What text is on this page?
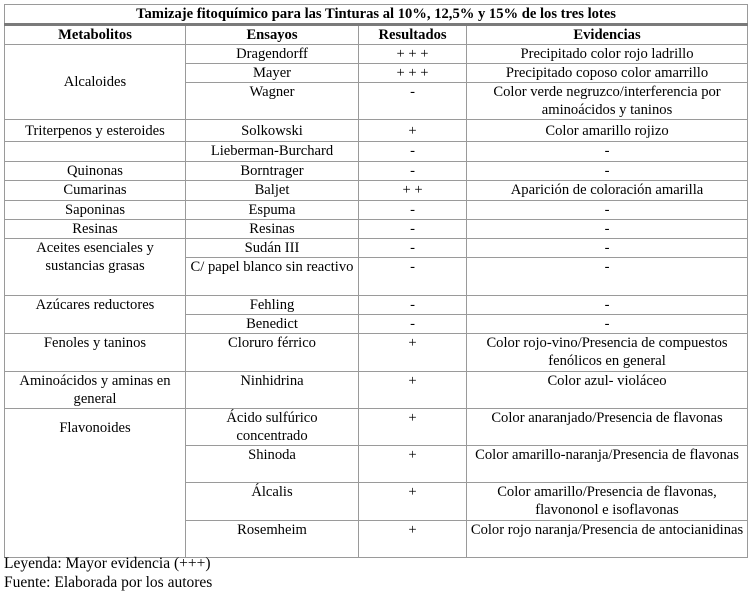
Tamizaje fitoquímico para las Tinturas al 10%, 12,5% y 15% de los tres lotes			
Metabolitos	Ensayos	Resultados	Evidencias
Alcaloides	Dragendorff	+ + +	Precipitado color rojo ladrillo
	Mayer	+ + +	Precipitado coposo color amarrillo
	Wagner	-	Color verde negruzco/interferencia por aminoácidos y taninos
Triterpenos y esteroides	Solkowski	+	Color amarillo rojizo
	Lieberman-Burchard	-	-
Quinonas	Borntrager	-	-
Cumarinas	Baljet	+ +	Aparición de coloración amarilla
Saponinas	Espuma	-	-
Resinas	Resinas	-	-
Aceites esenciales y sustancias grasas	Sudán III	-	-
	C/ papel blanco sin reactivo	-	-
Azúcares reductores	Fehling	-	-
	Benedict	-	-
Fenoles y taninos	Cloruro férrico	+	Color rojo-vino/Presencia de compuestos fenólicos en general
Aminoácidos y aminas en general	Ninhidrina	+	Color azul- violáceo
Flavonoides	Ácido sulfúrico concentrado	+	Color anaranjado/Presencia de flavonas
	Shinoda	+	Color amarillo-naranja/Presencia de flavonas
	Álcalis	+	Color amarillo/Presencia de flavonas, flavononol e isoflavonas
	Rosemheim	+	Color rojo naranja/Presencia de antocianidinas
Leyenda: Mayor evidencia (+++)
Fuente: Elaborada por los autores
